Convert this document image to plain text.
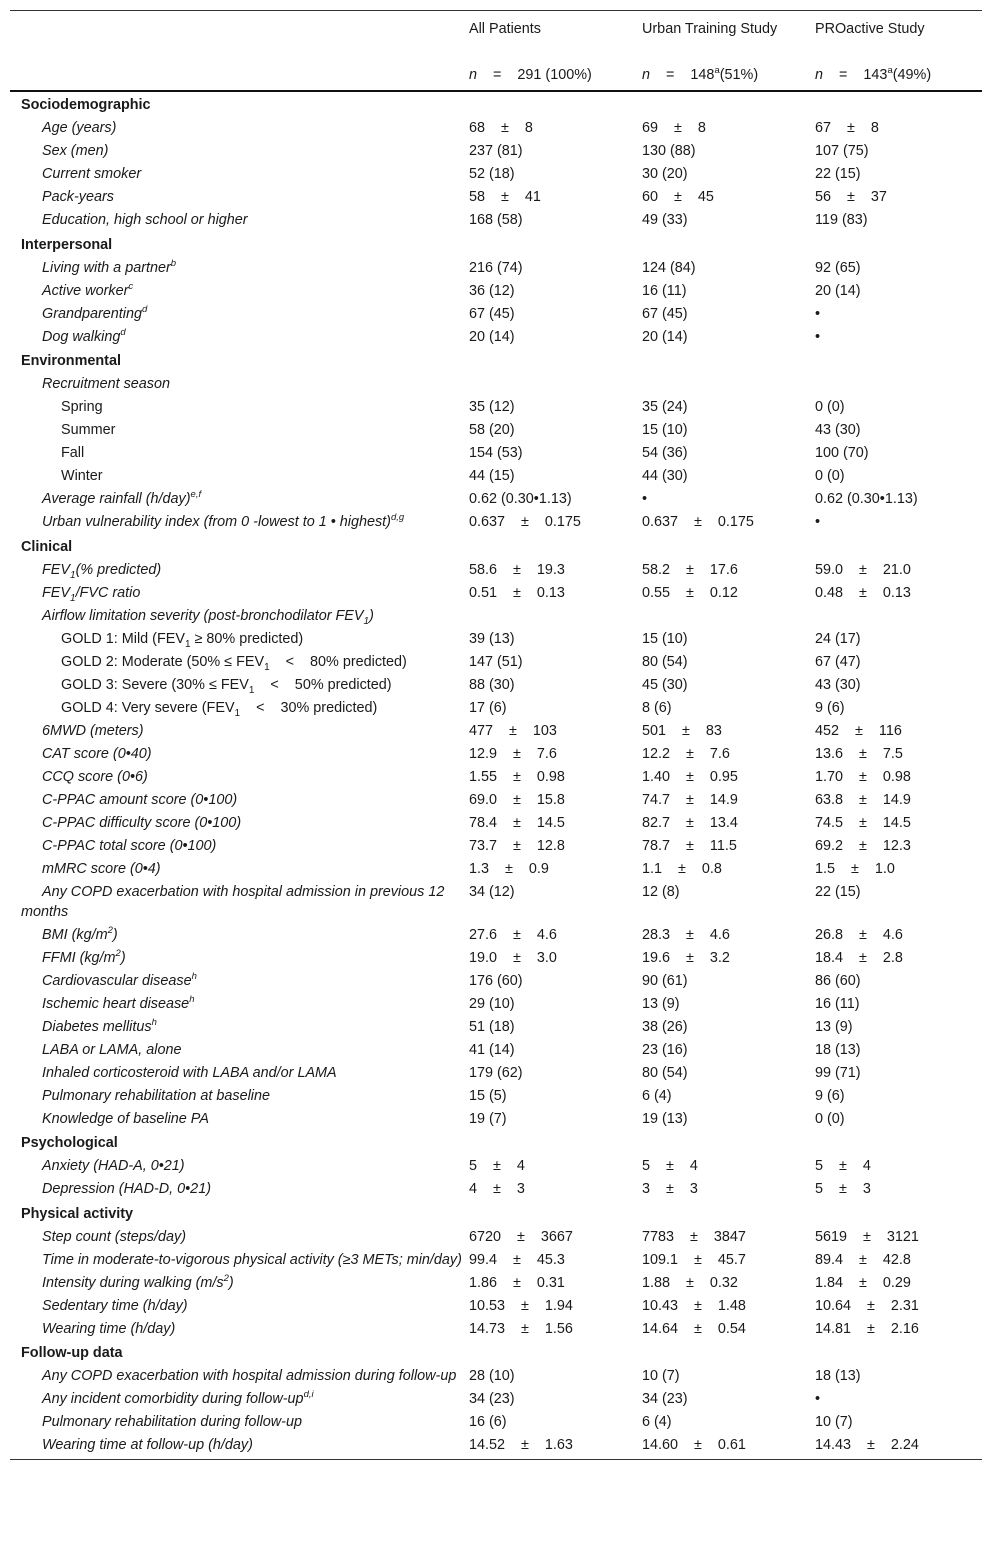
	All Patients	Urban Training Study	PROactive Study
	n = 291 (100%)	$n = 148^a(51\%)$	$n = 143^a(49\%)$
Sociodemographic			
Age (years)	68    ±    8	69    ±    8	67    ±    8
Sex (men)	237 (81)	130 (88)	107 (75)
Current smoker	52 (18)	30 (20)	22 (15)
Pack-years	58    ±    41	60    ±    45	56    ±    37
Education, high school or higher	168 (58)	49 (33)	119 (83)
Interpersonal			
Living with a partner$^b$	216 (74)	124 (84)	92 (65)
Active worker$^c$	36 (12)	16 (11)	20 (14)
Grandparenting$^d$	67 (45)	67 (45)	•
Dog walking$^d$	20 (14)	20 (14)	•
Environmental			
Recruitment season			
Spring	35 (12)	35 (24)	0 (0)
Summer	58 (20)	15 (10)	43 (30)
Fall	154 (53)	54 (36)	100 (70)
Winter	44 (15)	44 (30)	0 (0)
Average rainfall $(h/day)^{e,f}$	0.62 (0.30•1.13)	•	0.62 (0.30•1.13)
Urban vulnerability index (from 0 -lowest to 1 • highest)$^{d,g}$	0.637    ±    0.175	0.637    ±    0.175	•
Clinical			
$FEV_1(\%$ predicted)	58.6    ±    19.3	58.2    ±    17.6	59.0    ±    21.0
$FEV_1$/FVC ratio	0.51    ±    0.13	0.55    ±    0.12	0.48    ±    0.13
Airflow limitation severity (post-bronchodilator $FEV_1$)			
GOLD 1: Mild ($FEV_1 \ge 80\%$ predicted)	39 (13)	15 (10)	24 (17)
GOLD 2: Moderate ($50\% \le FEV_1$    <    80% predicted)	147 (51)	80 (54)	67 (47)
GOLD 3: Severe ($30\% \le FEV_1$    <    50% predicted)	88 (30)	45 (30)	43 (30)
GOLD 4: Very severe ($FEV_1$    <    30% predicted)	17 (6)	8 (6)	9 (6)
6MWD (meters)	477    ±    103	501    ±    83	452    ±    116
CAT score (0•40)	12.9    ±    7.6	12.2    ±    7.6	13.6    ±    7.5
CCQ score (0•6)	1.55    ±    0.98	1.40    ±    0.95	1.70    ±    0.98
C-PPAC amount score (0•100)	69.0    ±    15.8	74.7    ±    14.9	63.8    ±    14.9
C-PPAC difficulty score (0•100)	78.4    ±    14.5	82.7    ±    13.4	74.5    ±    14.5
C-PPAC total score (0•100)	73.7    ±    12.8	78.7    ±    11.5	69.2    ±    12.3
mMRC score (0•4)	1.3    ±    0.9	1.1    ±    0.8	1.5    ±    1.0
Any COPD exacerbation with hospital admission in previous 12 months	34 (12)	12 (8)	22 (15)
BMI $(kg/m^2)$	27.6    ±    4.6	28.3    ±    4.6	26.8    ±    4.6
FFMI $(kg/m^2)$	19.0    ±    3.0	19.6    ±    3.2	18.4    ±    2.8
Cardiovascular disease$^h$	176 (60)	90 (61)	86 (60)
Ischemic heart disease$^h$	29 (10)	13 (9)	16 (11)
Diabetes mellitus$^h$	51 (18)	38 (26)	13 (9)
LABA or LAMA, alone	41 (14)	23 (16)	18 (13)
Inhaled corticosteroid with LABA and/or LAMA	179 (62)	80 (54)	99 (71)
Pulmonary rehabilitation at baseline	15 (5)	6 (4)	9 (6)
Knowledge of baseline PA	19 (7)	19 (13)	0 (0)
Psychological			
Anxiety (HAD-A, 0•21)	5    ±    4	5    ±    4	5    ±    4
Depression (HAD-D, 0•21)	4    ±    3	3    ±    3	5    ±    3
Physical activity			
Step count (steps/day)	6720    ±    3667	7783    ±    3847	5619    ±    3121
Time in moderate-to-vigorous physical activity (≥3 METs; min/day)	99.4    ±    45.3	109.1    ±    45.7	89.4    ±    42.8
Intensity during walking $(m/s^2)$	1.86    ±    0.31	1.88    ±    0.32	1.84    ±    0.29
Sedentary time (h/day)	10.53    ±    1.94	10.43    ±    1.48	10.64    ±    2.31
Wearing time (h/day)	14.73    ±    1.56	14.64    ±    0.54	14.81    ±    2.16
Follow-up data			
Any COPD exacerbation with hospital admission during follow-up	28 (10)	10 (7)	18 (13)
Any incident comorbidity during follow-up$^{d,i}$	34 (23)	34 (23)	•
Pulmonary rehabilitation during follow-up	16 (6)	6 (4)	10 (7)
Wearing time at follow-up (h/day)	14.52    ±    1.63	14.60    ±    0.61	14.43    ±    2.24
